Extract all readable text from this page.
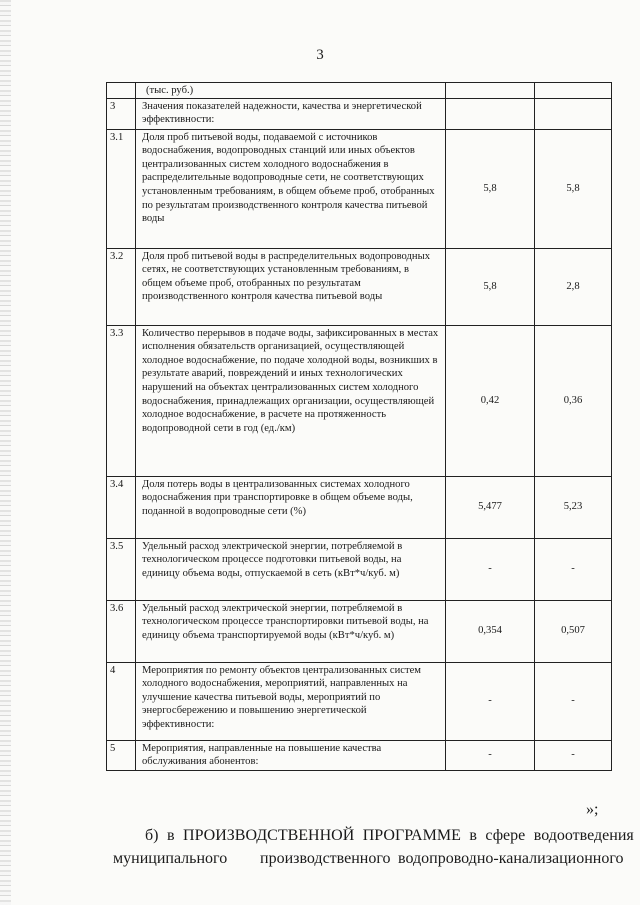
3
	(тыс. руб.)		
3	Значения показателей надежности, качества и энергетической эффективности:		
3.1	Доля проб питьевой воды, подаваемой с источников водоснабжения, водопроводных станций или иных объектов централизованных систем холодного водоснабжения в распределительные водопроводные сети, не соответствующих установленным требованиям, в общем объеме проб, отобранных по результатам производственного контроля качества питьевой воды	5,8	5,8
3.2	Доля проб питьевой воды в распределительных водопроводных сетях, не соответствующих установленным требованиям, в общем объеме проб, отобранных по результатам производственного контроля качества питьевой воды	5,8	2,8
3.3	Количество перерывов в подаче воды, зафиксированных в местах исполнения обязательств организацией, осуществляющей холодное водоснабжение, по подаче холодной воды, возникших в результате аварий, повреждений и иных технологических нарушений на объектах централизованных систем холодного водоснабжения, принадлежащих организации, осуществляющей холодное водоснабжение, в расчете на протяженность водопроводной сети в год (ед./км)	0,42	0,36
3.4	Доля потерь воды в централизованных системах холодного водоснабжения при транспортировке в общем объеме воды, поданной в водопроводные сети (%)	5,477	5,23
3.5	Удельный расход электрической энергии, потребляемой в технологическом процессе подготовки питьевой воды, на единицу объема воды, отпускаемой в сеть (кВт*ч/куб. м)	-	-
3.6	Удельный расход электрической энергии, потребляемой в технологическом процессе транспортировки питьевой воды, на единицу объема транспортируемой воды (кВт*ч/куб. м)	0,354	0,507
4	Мероприятия по ремонту объектов централизованных систем холодного водоснабжения, мероприятий, направленных на улучшение качества питьевой воды, мероприятий по энергосбережению и повышению энергетической эффективности:	-	-
5	Мероприятия, направленные на повышение качества обслуживания абонентов:	-	-
»;
б) в ПРОИЗВОДСТВЕННОЙ ПРОГРАММЕ в сфере водоотведения
муниципального производственного водопроводно-канализационного
